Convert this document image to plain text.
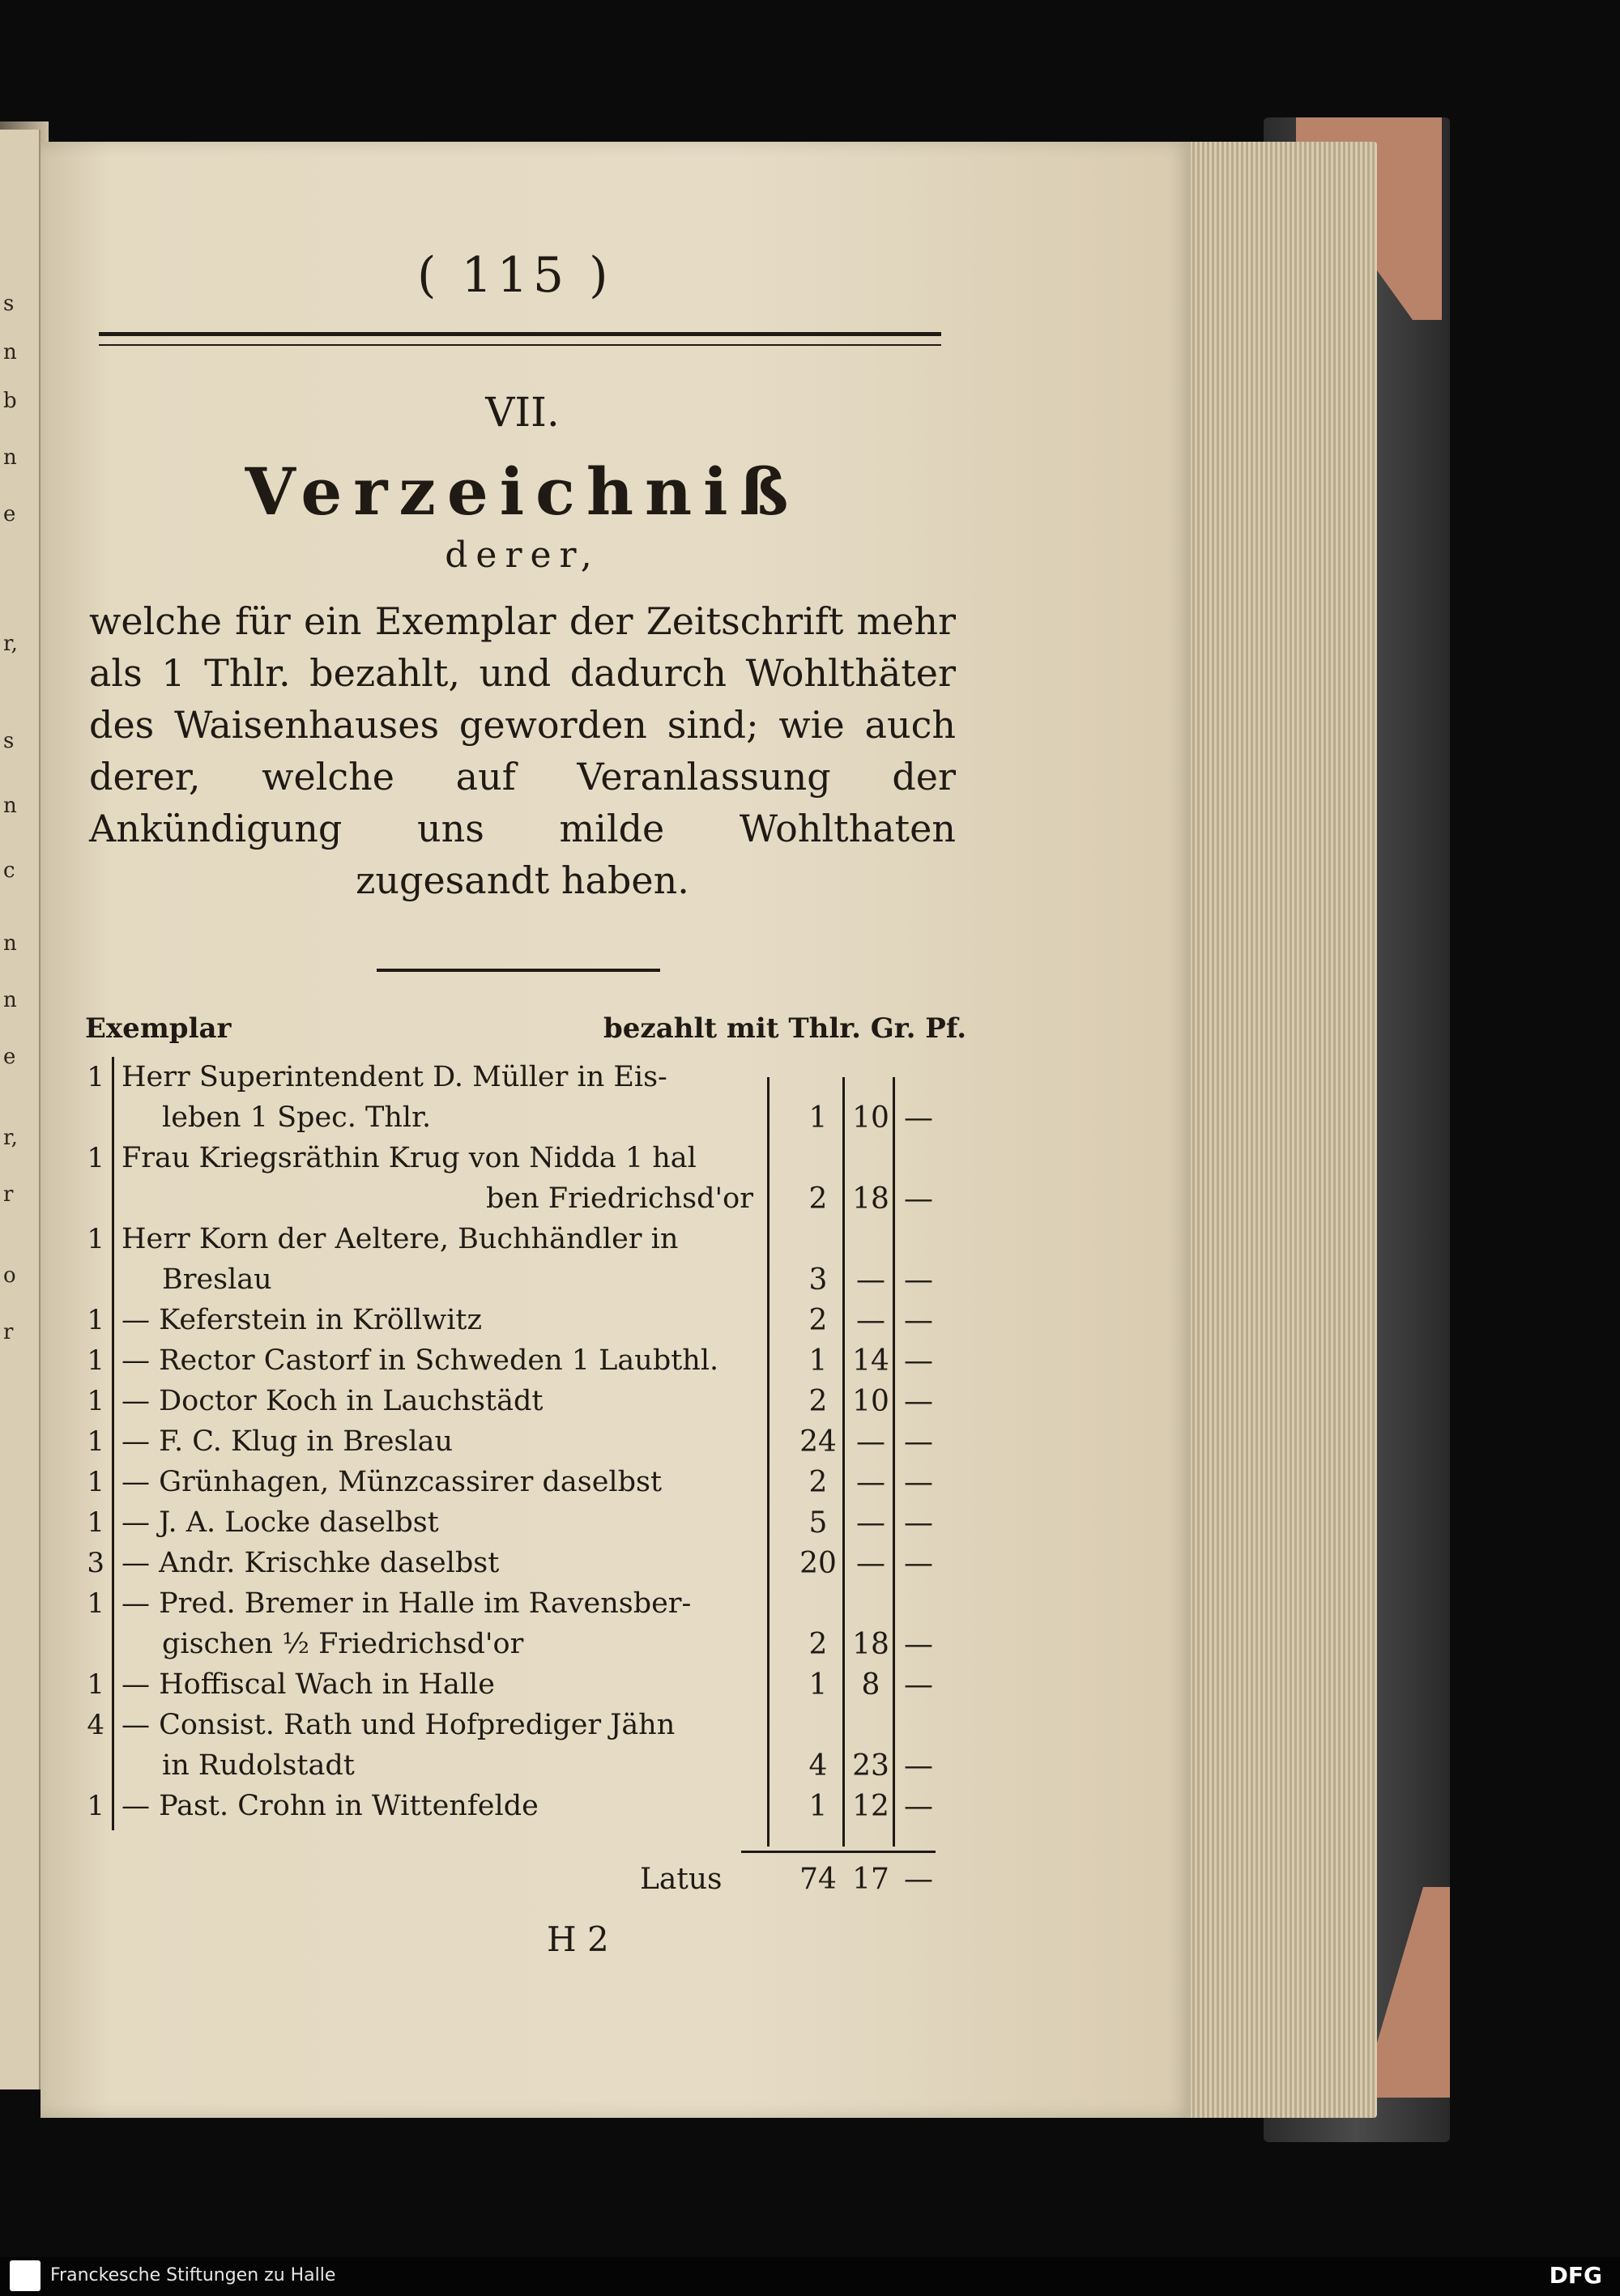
s
n
b
n
e
r,
s
n
c
n
n
e
r,
r
o
r
( 115 )
VII.
Verzeichniß
derer,
welche für ein Exemplar der Zeitschrift mehr als 1 Thlr. bezahlt, und dadurch Wohlthäter des Waisenhauses geworden sind; wie auch derer, welche auf Veranlassung der Ankündigung uns milde Wohlthaten zugesandt haben.
Exemplar	bezahlt mit Thlr. Gr. Pf.
1 Herr Superintendent D. Müller in Eis-
leben 1 Spec. Thlr.	1 10 —
1 Frau Kriegsräthin Krug von Nidda 1 hal
ben Friedrichsd'or	2 18 —
1 Herr Korn der Aeltere, Buchhändler in
Breslau	3 — —
1 — Keferstein in Kröllwitz	2 — —
1 — Rector Castorf in Schweden 1 Laubthl.	1 14 —
1 — Doctor Koch in Lauchstädt	2 10 —
1 — F. C. Klug in Breslau	24 — —
1 — Grünhagen, Münzcassirer daselbst	2 — —
1 — J. A. Locke daselbst	5 — —
3 — Andr. Krischke daselbst	20 — —
1 — Pred. Bremer in Halle im Ravensber-
gischen ½ Friedrichsd'or	2 18 —
1 — Hoffiscal Wach in Halle	1	8 —
4 — Consist. Rath und Hofprediger Jähn
in Rudolstadt	4 23 —
1 — Past. Crohn in Wittenfelde	1 12 —
Latus	74 17 —
H 2
Franckesche Stiftungen zu Halle	DFG
